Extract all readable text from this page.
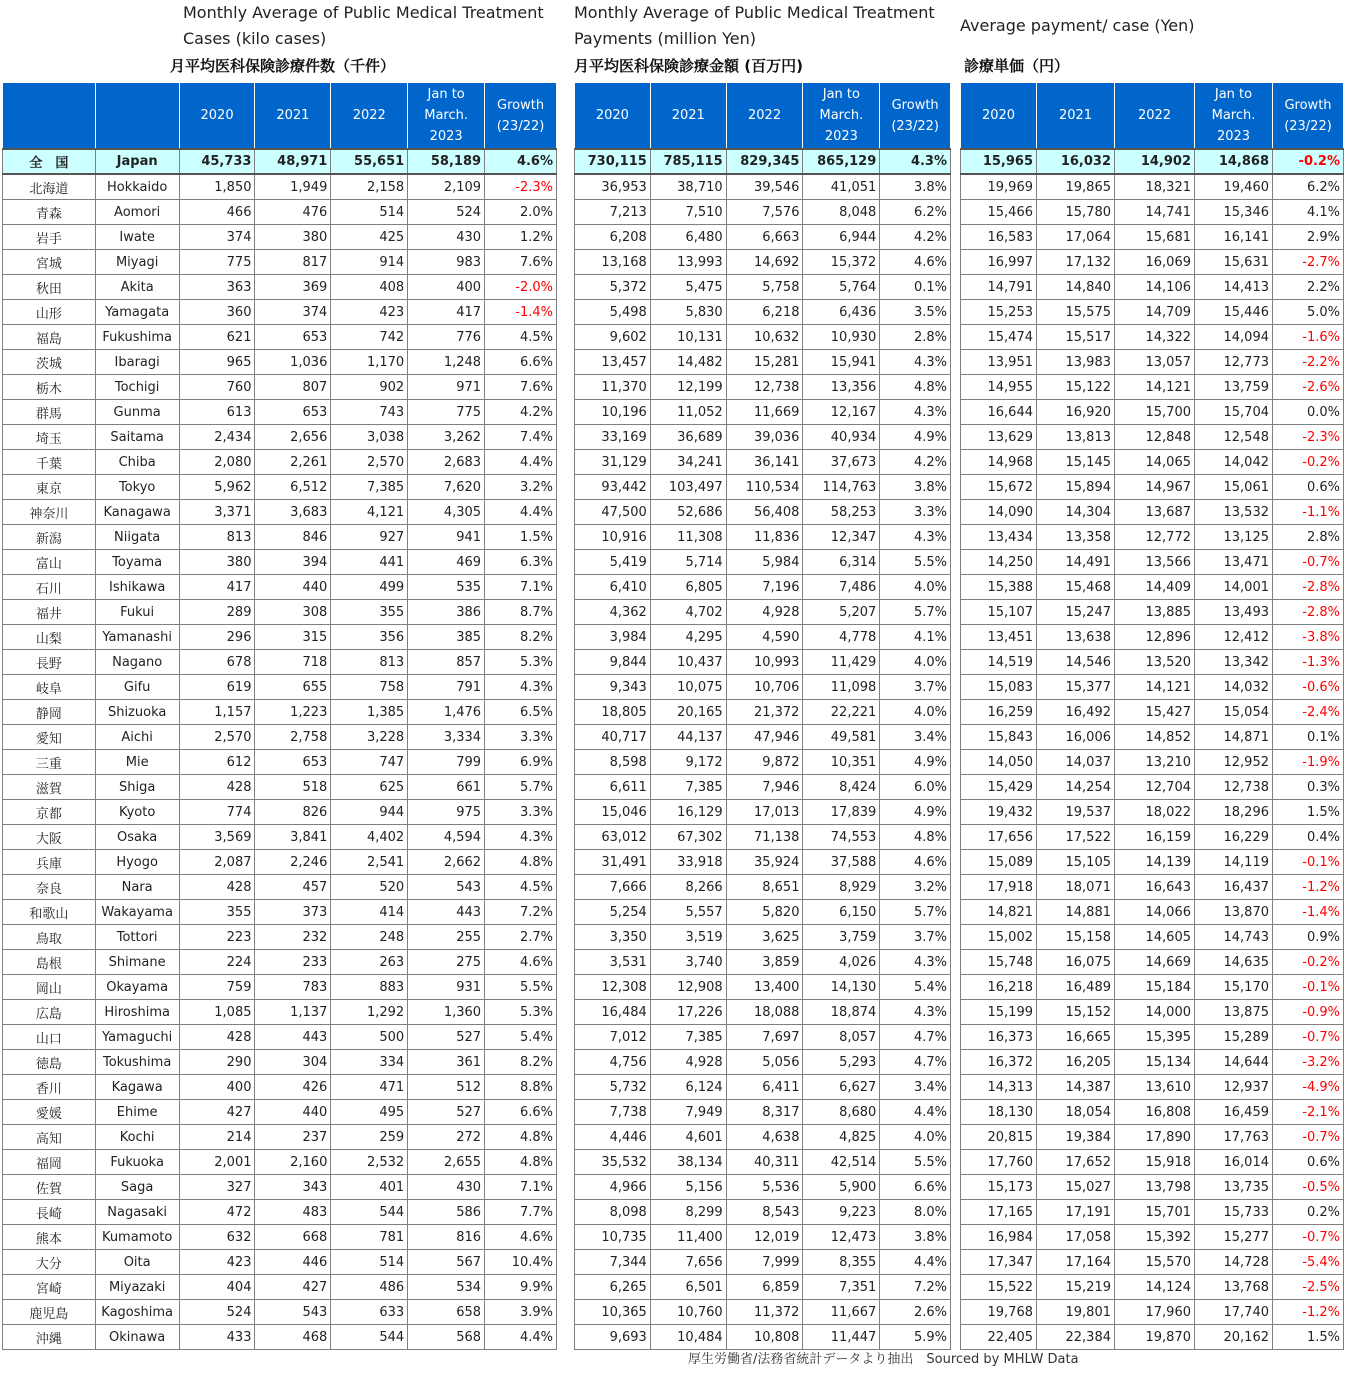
Monthly Average of Public Medical Treatment Cases (kilo cases)
月平均医科保険診療件数（千件）
		2020	2021	2022	Jan to March. 2023	Growth (23/22)
全　国	Japan	45,733	48,971	55,651	58,189	4.6%
北海道	Hokkaido	1,850	1,949	2,158	2,109	-2.3%
青森	Aomori	466	476	514	524	2.0%
岩手	Iwate	374	380	425	430	1.2%
宮城	Miyagi	775	817	914	983	7.6%
秋田	Akita	363	369	408	400	-2.0%
山形	Yamagata	360	374	423	417	-1.4%
福島	Fukushima	621	653	742	776	4.5%
茨城	Ibaragi	965	1,036	1,170	1,248	6.6%
栃木	Tochigi	760	807	902	971	7.6%
群馬	Gunma	613	653	743	775	4.2%
埼玉	Saitama	2,434	2,656	3,038	3,262	7.4%
千葉	Chiba	2,080	2,261	2,570	2,683	4.4%
東京	Tokyo	5,962	6,512	7,385	7,620	3.2%
神奈川	Kanagawa	3,371	3,683	4,121	4,305	4.4%
新潟	Niigata	813	846	927	941	1.5%
富山	Toyama	380	394	441	469	6.3%
石川	Ishikawa	417	440	499	535	7.1%
福井	Fukui	289	308	355	386	8.7%
山梨	Yamanashi	296	315	356	385	8.2%
長野	Nagano	678	718	813	857	5.3%
岐阜	Gifu	619	655	758	791	4.3%
静岡	Shizuoka	1,157	1,223	1,385	1,476	6.5%
愛知	Aichi	2,570	2,758	3,228	3,334	3.3%
三重	Mie	612	653	747	799	6.9%
滋賀	Shiga	428	518	625	661	5.7%
京都	Kyoto	774	826	944	975	3.3%
大阪	Osaka	3,569	3,841	4,402	4,594	4.3%
兵庫	Hyogo	2,087	2,246	2,541	2,662	4.8%
奈良	Nara	428	457	520	543	4.5%
和歌山	Wakayama	355	373	414	443	7.2%
鳥取	Tottori	223	232	248	255	2.7%
島根	Shimane	224	233	263	275	4.6%
岡山	Okayama	759	783	883	931	5.5%
広島	Hiroshima	1,085	1,137	1,292	1,360	5.3%
山口	Yamaguchi	428	443	500	527	5.4%
徳島	Tokushima	290	304	334	361	8.2%
香川	Kagawa	400	426	471	512	8.8%
愛媛	Ehime	427	440	495	527	6.6%
高知	Kochi	214	237	259	272	4.8%
福岡	Fukuoka	2,001	2,160	2,532	2,655	4.8%
佐賀	Saga	327	343	401	430	7.1%
長崎	Nagasaki	472	483	544	586	7.7%
熊本	Kumamoto	632	668	781	816	4.6%
大分	Oita	423	446	514	567	10.4%
宮崎	Miyazaki	404	427	486	534	9.9%
鹿児島	Kagoshima	524	543	633	658	3.9%
沖縄	Okinawa	433	468	544	568	4.4%
Monthly Average of Public Medical Treatment Payments (million Yen)
月平均医科保険診療金額 (百万円)
2020	2021	2022	Jan to March. 2023	Growth (23/22)
730,115	785,115	829,345	865,129	4.3%
36,953	38,710	39,546	41,051	3.8%
7,213	7,510	7,576	8,048	6.2%
6,208	6,480	6,663	6,944	4.2%
13,168	13,993	14,692	15,372	4.6%
5,372	5,475	5,758	5,764	0.1%
5,498	5,830	6,218	6,436	3.5%
9,602	10,131	10,632	10,930	2.8%
13,457	14,482	15,281	15,941	4.3%
11,370	12,199	12,738	13,356	4.8%
10,196	11,052	11,669	12,167	4.3%
33,169	36,689	39,036	40,934	4.9%
31,129	34,241	36,141	37,673	4.2%
93,442	103,497	110,534	114,763	3.8%
47,500	52,686	56,408	58,253	3.3%
10,916	11,308	11,836	12,347	4.3%
5,419	5,714	5,984	6,314	5.5%
6,410	6,805	7,196	7,486	4.0%
4,362	4,702	4,928	5,207	5.7%
3,984	4,295	4,590	4,778	4.1%
9,844	10,437	10,993	11,429	4.0%
9,343	10,075	10,706	11,098	3.7%
18,805	20,165	21,372	22,221	4.0%
40,717	44,137	47,946	49,581	3.4%
8,598	9,172	9,872	10,351	4.9%
6,611	7,385	7,946	8,424	6.0%
15,046	16,129	17,013	17,839	4.9%
63,012	67,302	71,138	74,553	4.8%
31,491	33,918	35,924	37,588	4.6%
7,666	8,266	8,651	8,929	3.2%
5,254	5,557	5,820	6,150	5.7%
3,350	3,519	3,625	3,759	3.7%
3,531	3,740	3,859	4,026	4.3%
12,308	12,908	13,400	14,130	5.4%
16,484	17,226	18,088	18,874	4.3%
7,012	7,385	7,697	8,057	4.7%
4,756	4,928	5,056	5,293	4.7%
5,732	6,124	6,411	6,627	3.4%
7,738	7,949	8,317	8,680	4.4%
4,446	4,601	4,638	4,825	4.0%
35,532	38,134	40,311	42,514	5.5%
4,966	5,156	5,536	5,900	6.6%
8,098	8,299	8,543	9,223	8.0%
10,735	11,400	12,019	12,473	3.8%
7,344	7,656	7,999	8,355	4.4%
6,265	6,501	6,859	7,351	7.2%
10,365	10,760	11,372	11,667	2.6%
9,693	10,484	10,808	11,447	5.9%
Average payment/ case (Yen)
診療単価（円）
2020	2021	2022	Jan to March. 2023	Growth (23/22)
15,965	16,032	14,902	14,868	-0.2%
19,969	19,865	18,321	19,460	6.2%
15,466	15,780	14,741	15,346	4.1%
16,583	17,064	15,681	16,141	2.9%
16,997	17,132	16,069	15,631	-2.7%
14,791	14,840	14,106	14,413	2.2%
15,253	15,575	14,709	15,446	5.0%
15,474	15,517	14,322	14,094	-1.6%
13,951	13,983	13,057	12,773	-2.2%
14,955	15,122	14,121	13,759	-2.6%
16,644	16,920	15,700	15,704	0.0%
13,629	13,813	12,848	12,548	-2.3%
14,968	15,145	14,065	14,042	-0.2%
15,672	15,894	14,967	15,061	0.6%
14,090	14,304	13,687	13,532	-1.1%
13,434	13,358	12,772	13,125	2.8%
14,250	14,491	13,566	13,471	-0.7%
15,388	15,468	14,409	14,001	-2.8%
15,107	15,247	13,885	13,493	-2.8%
13,451	13,638	12,896	12,412	-3.8%
14,519	14,546	13,520	13,342	-1.3%
15,083	15,377	14,121	14,032	-0.6%
16,259	16,492	15,427	15,054	-2.4%
15,843	16,006	14,852	14,871	0.1%
14,050	14,037	13,210	12,952	-1.9%
15,429	14,254	12,704	12,738	0.3%
19,432	19,537	18,022	18,296	1.5%
17,656	17,522	16,159	16,229	0.4%
15,089	15,105	14,139	14,119	-0.1%
17,918	18,071	16,643	16,437	-1.2%
14,821	14,881	14,066	13,870	-1.4%
15,002	15,158	14,605	14,743	0.9%
15,748	16,075	14,669	14,635	-0.2%
16,218	16,489	15,184	15,170	-0.1%
15,199	15,152	14,000	13,875	-0.9%
16,373	16,665	15,395	15,289	-0.7%
16,372	16,205	15,134	14,644	-3.2%
14,313	14,387	13,610	12,937	-4.9%
18,130	18,054	16,808	16,459	-2.1%
20,815	19,384	17,890	17,763	-0.7%
17,760	17,652	15,918	16,014	0.6%
15,173	15,027	13,798	13,735	-0.5%
17,165	17,191	15,701	15,733	0.2%
16,984	17,058	15,392	15,277	-0.7%
17,347	17,164	15,570	14,728	-5.4%
15,522	15,219	14,124	13,768	-2.5%
19,768	19,801	17,960	17,740	-1.2%
22,405	22,384	19,870	20,162	1.5%
厚生労働省/法務省統計データより抽出　Sourced by MHLW Data
